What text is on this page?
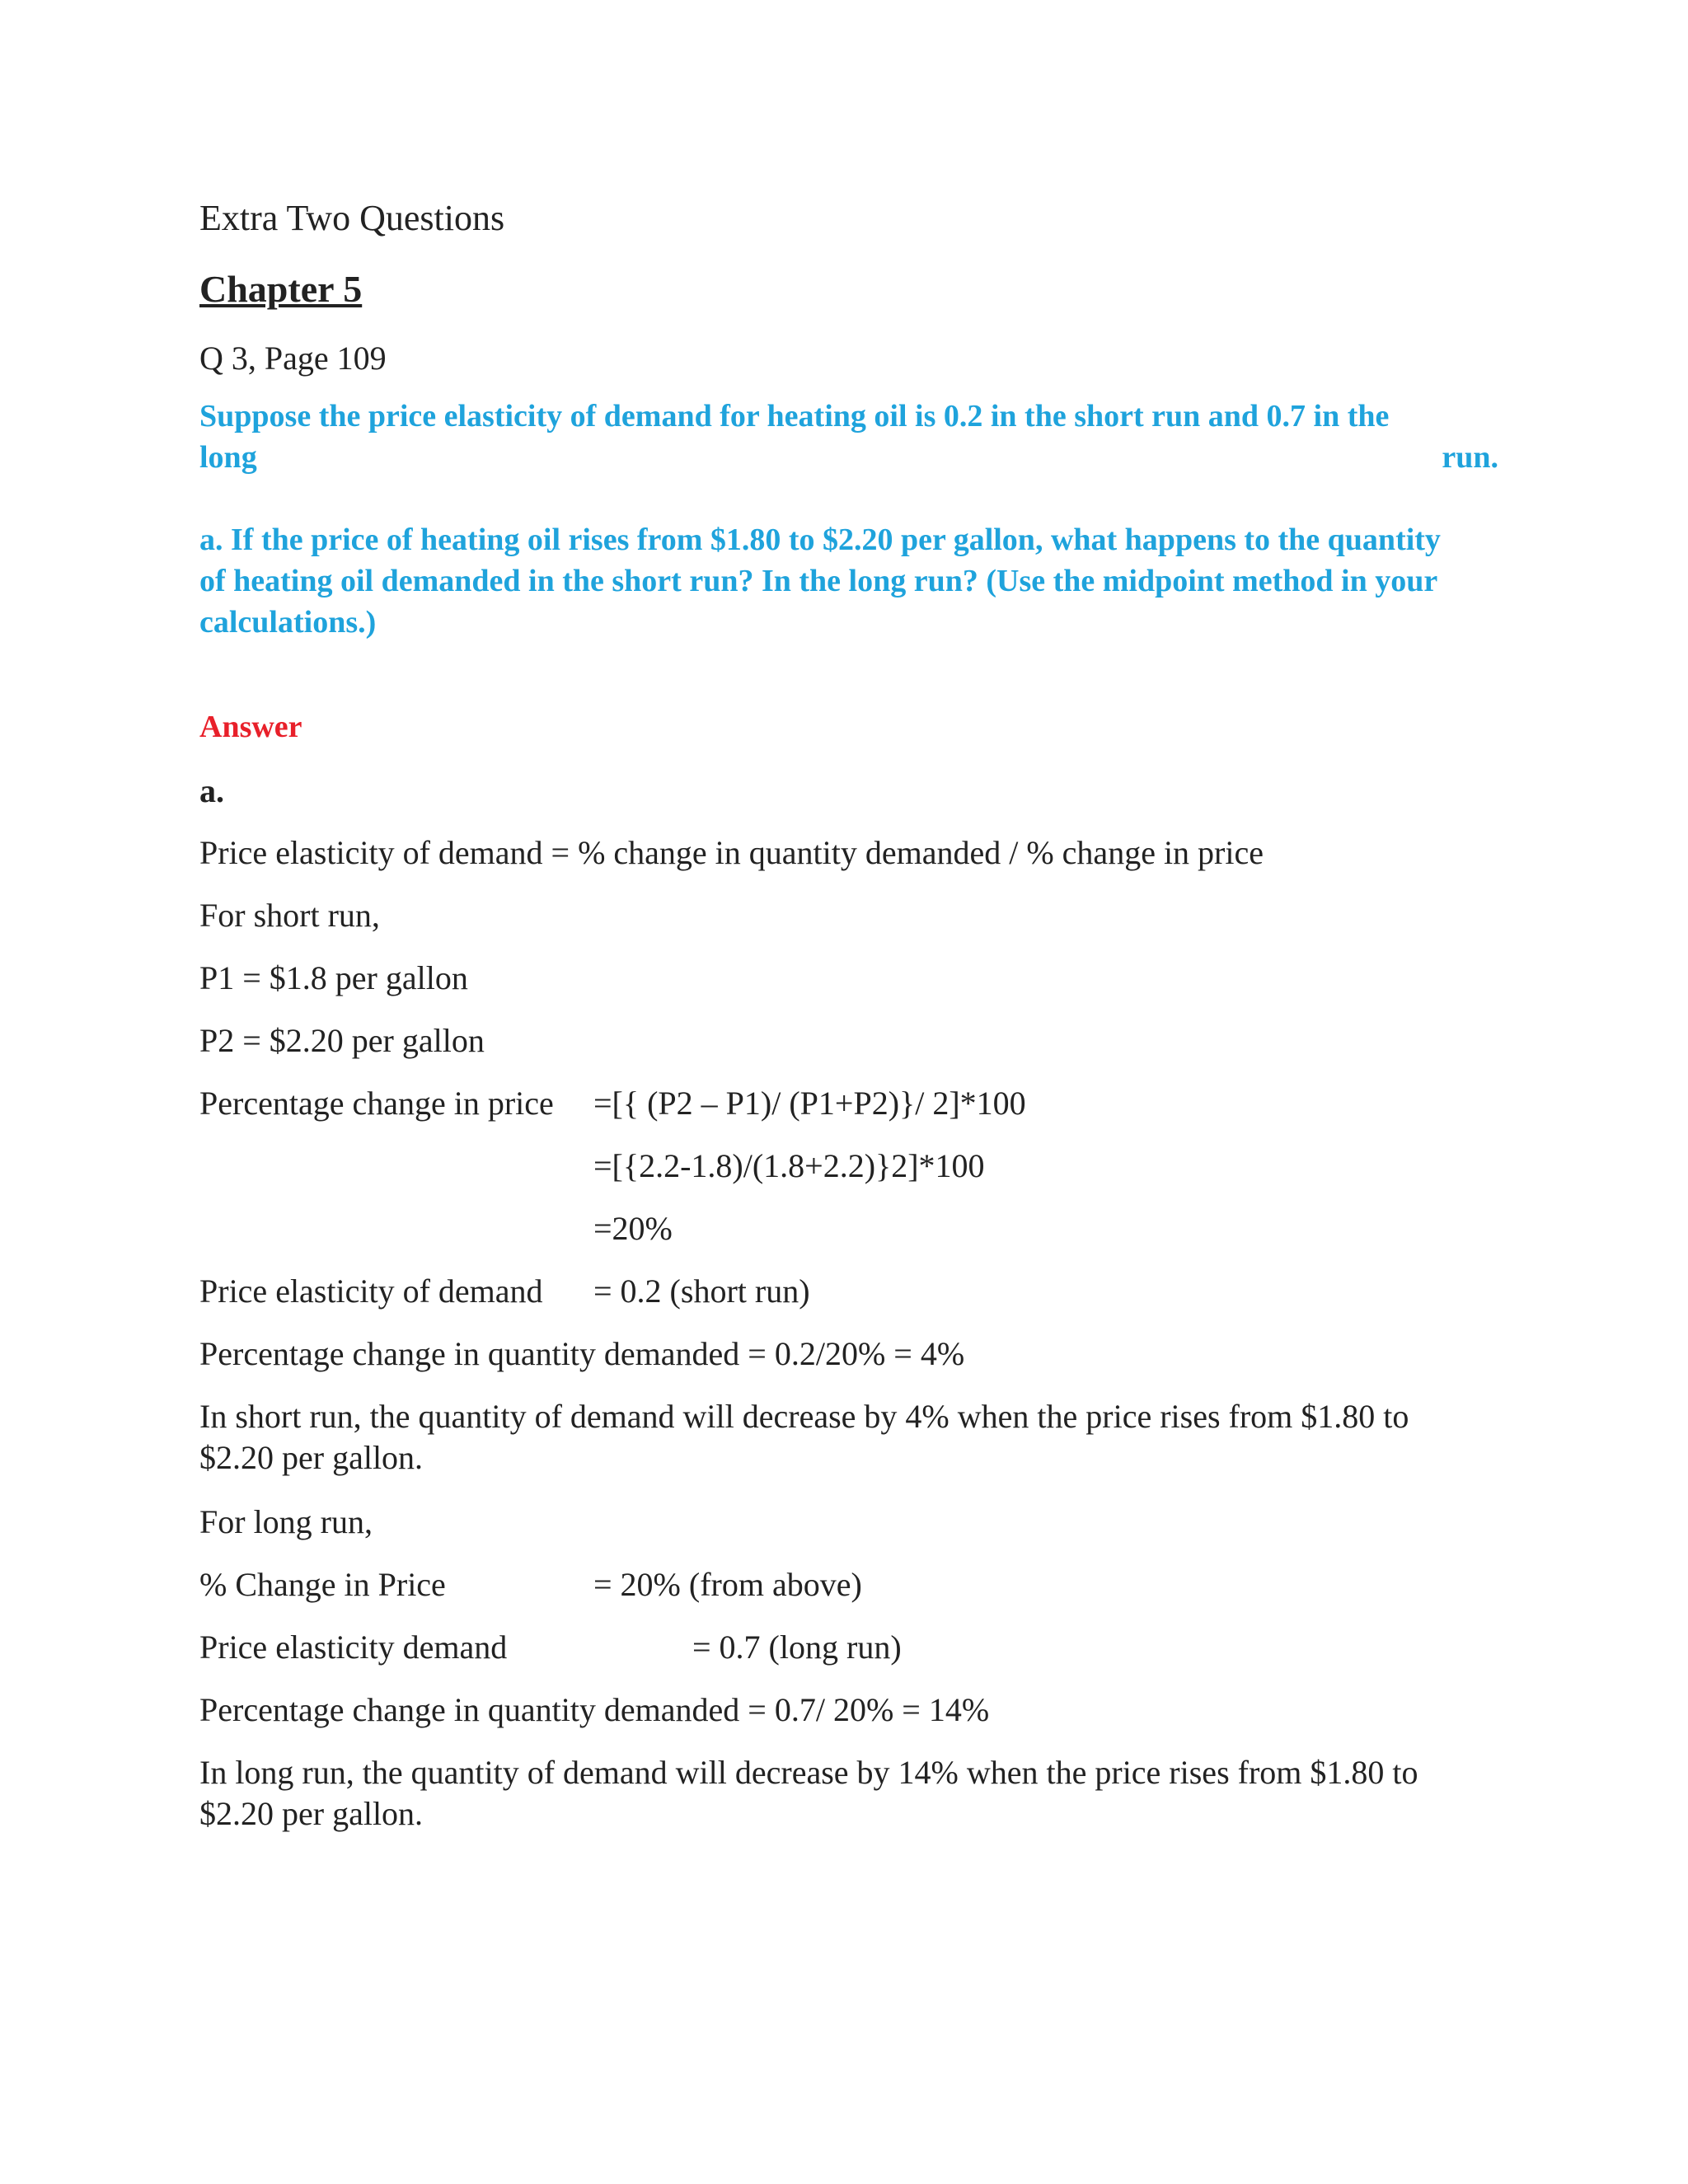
Extra Two Questions
Chapter 5
Q 3, Page 109
Suppose the price elasticity of demand for heating oil is 0.2 in the short run and 0.7 in the
long	run.
a. If the price of heating oil rises from $1.80 to $2.20 per gallon, what happens to the quantity
of heating oil demanded in the short run? In the long run? (Use the midpoint method in your
calculations.)
Answer
a.
Price elasticity of demand = % change in quantity demanded / % change in price
For short run,
P1 = $1.8 per gallon
P2 = $2.20 per gallon
Percentage change in price =[{ (P2 – P1)/ (P1+P2)}/ 2]*100
=[{2.2-1.8)/(1.8+2.2)}2]*100
=20%
Price elasticity of demand = 0.2 (short run)
Percentage change in quantity demanded = 0.2/20% = 4%
In short run, the quantity of demand will decrease by 4% when the price rises from $1.80 to
$2.20 per gallon.
For long run,
% Change in Price	= 20% (from above)
Price elasticity demand	= 0.7 (long run)
Percentage change in quantity demanded = 0.7/ 20% = 14%
In long run, the quantity of demand will decrease by 14% when the price rises from $1.80 to
$2.20 per gallon.
